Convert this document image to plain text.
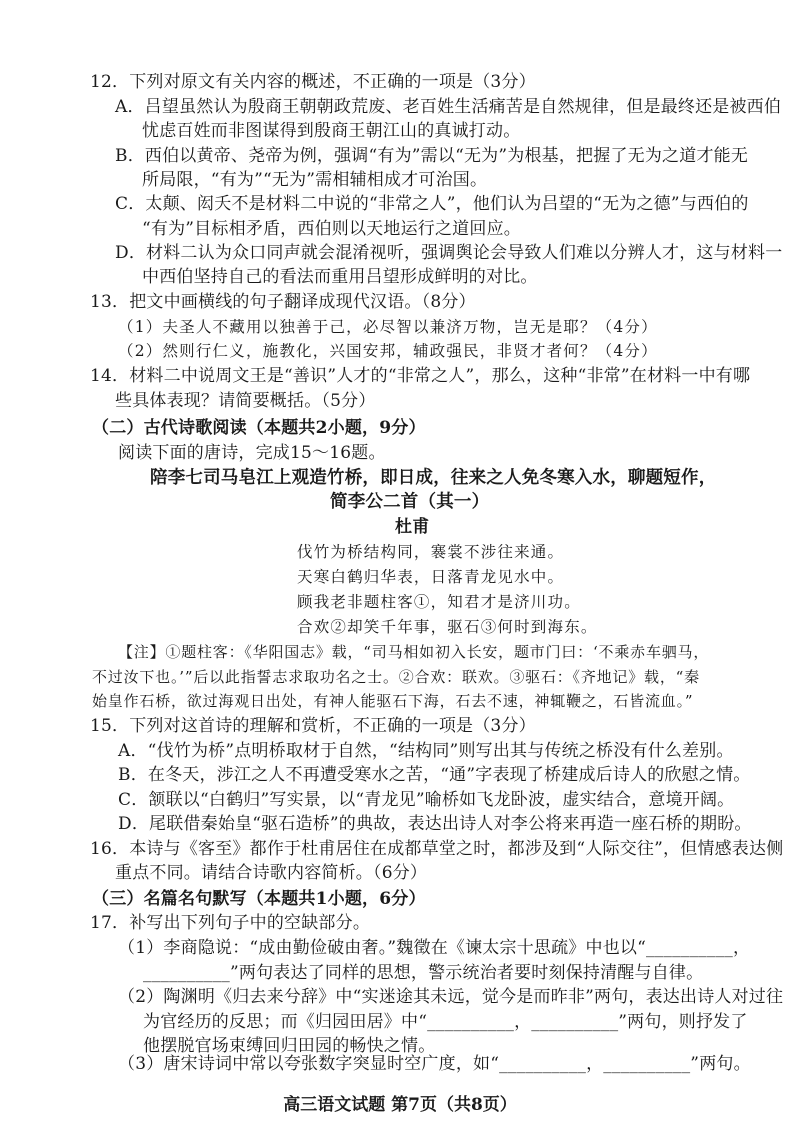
12．下列对原文有关内容的概述，不正确的一项是（3分）
A．吕望虽然认为殷商王朝朝政荒废、老百姓生活痛苦是自然规律，但是最终还是被西伯
忧虑百姓而非图谋得到殷商王朝江山的真诚打动。
B．西伯以黄帝、尧帝为例，强调“有为”需以“无为”为根基，把握了无为之道才能无
所局限，“有为”“无为”需相辅相成才可治国。
C．太颠、闳夭不是材料二中说的“非常之人”，他们认为吕望的“无为之德”与西伯的
“有为”目标相矛盾，西伯则以天地运行之道回应。
D．材料二认为众口同声就会混淆视听，强调舆论会导致人们难以分辨人才，这与材料一
中西伯坚持自己的看法而重用吕望形成鲜明的对比。
13．把文中画横线的句子翻译成现代汉语。（8分）
（1）夫圣人不藏用以独善于己，必尽智以兼济万物，岂无是耶？（4分）
（2）然则行仁义，施教化，兴国安邦，辅政强民，非贤才者何？（4分）
14．材料二中说周文王是“善识”人才的“非常之人”，那么，这种“非常”在材料一中有哪
些具体表现？请简要概括。（5分）
（二）古代诗歌阅读（本题共2小题，9分）
阅读下面的唐诗，完成15～16题。
陪李七司马皂江上观造竹桥，即日成，往来之人免冬寒入水，聊题短作，
简李公二首（其一）
杜甫
伐竹为桥结构同，褰裳不涉往来通。
天寒白鹤归华表，日落青龙见水中。
顾我老非题柱客①，知君才是济川功。
合欢②却笑千年事，驱石③何时到海东。
【注】①题柱客：《华阳国志》载，“司马相如初入长安，题市门曰：‘不乘赤车驷马，
不过汝下也。’”后以此指誓志求取功名之士。②合欢：联欢。③驱石：《齐地记》载，“秦
始皇作石桥，欲过海观日出处，有神人能驱石下海，石去不速，神辄鞭之，石皆流血。”
15．下列对这首诗的理解和赏析，不正确的一项是（3分）
A．“伐竹为桥”点明桥取材于自然，“结构同”则写出其与传统之桥没有什么差别。
B．在冬天，涉江之人不再遭受寒水之苦，“通”字表现了桥建成后诗人的欣慰之情。
C．颔联以“白鹤归”写实景，以“青龙见”喻桥如飞龙卧波，虚实结合，意境开阔。
D．尾联借秦始皇“驱石造桥”的典故，表达出诗人对李公将来再造一座石桥的期盼。
16．本诗与《客至》都作于杜甫居住在成都草堂之时，都涉及到“人际交往”，但情感表达侧
重点不同。请结合诗歌内容简析。（6分）
（三）名篇名句默写（本题共1小题，6分）
17．补写出下列句子中的空缺部分。
（1）李商隐说：“成由勤俭破由奢。”魏徵在《谏太宗十思疏》中也以“__________，
__________”两句表达了同样的思想，警示统治者要时刻保持清醒与自律。
（2）陶渊明《归去来兮辞》中“实迷途其未远，觉今是而昨非”两句，表达出诗人对过往
为官经历的反思；而《归园田居》中“__________，__________”两句，则抒发了
他摆脱官场束缚回归田园的畅快之情。
（3）唐宋诗词中常以夸张数字突显时空广度，如“__________，__________”两句。
高三语文试题 第7页（共8页）
